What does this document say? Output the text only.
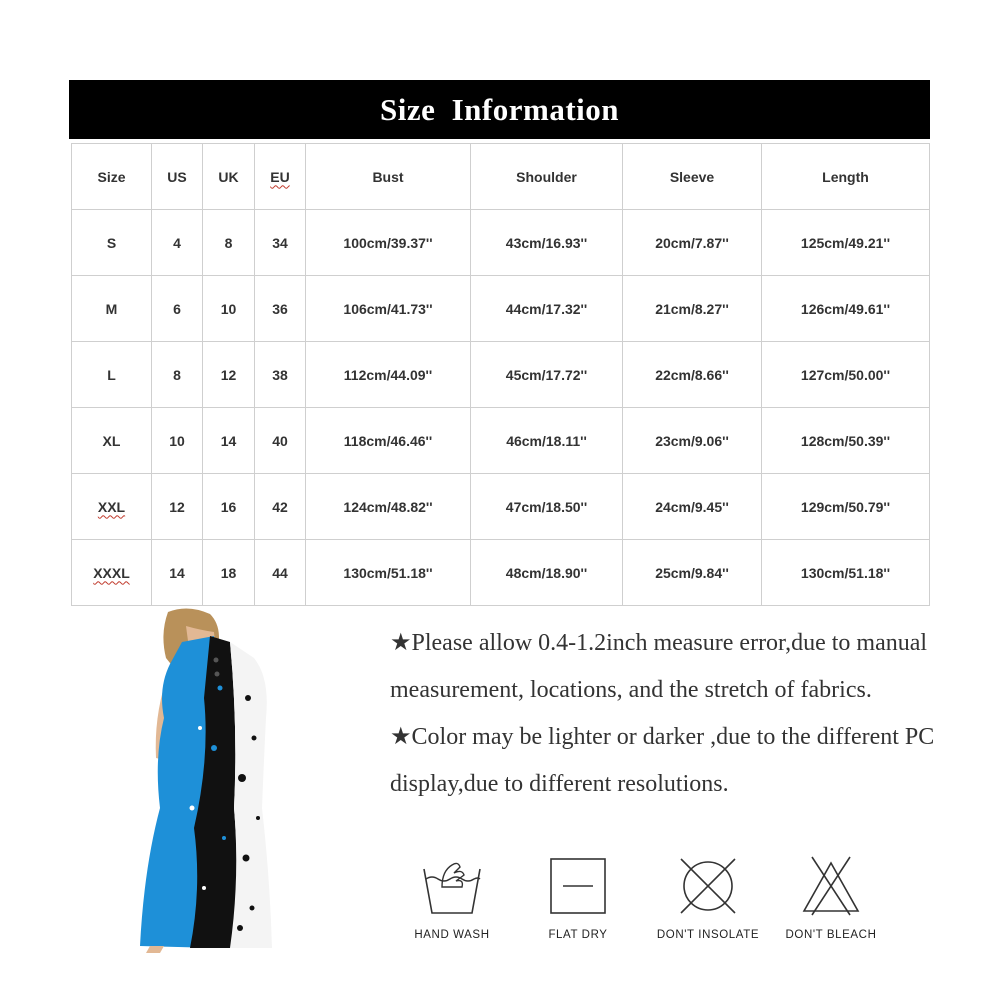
Size Information
Size	US	UK	EU	Bust	Shoulder	Sleeve	Length
S	4	8	34	100cm/39.37''	43cm/16.93''	20cm/7.87''	125cm/49.21''
M	6	10	36	106cm/41.73''	44cm/17.32''	21cm/8.27''	126cm/49.61''
L	8	12	38	112cm/44.09''	45cm/17.72''	22cm/8.66''	127cm/50.00''
XL	10	14	40	118cm/46.46''	46cm/18.11''	23cm/9.06''	128cm/50.39''
XXL	12	16	42	124cm/48.82''	47cm/18.50''	24cm/9.45''	129cm/50.79''
XXXL	14	18	44	130cm/51.18''	48cm/18.90''	25cm/9.84''	130cm/51.18''

★Please allow 0.4-1.2inch measure error,due to manual measurement, locations, and the stretch of fabrics.

★Color may be lighter or darker ,due to the different PC display,due to different resolutions.

HAND WASH	FLAT DRY	DON'T INSOLATE	DON'T BLEACH
